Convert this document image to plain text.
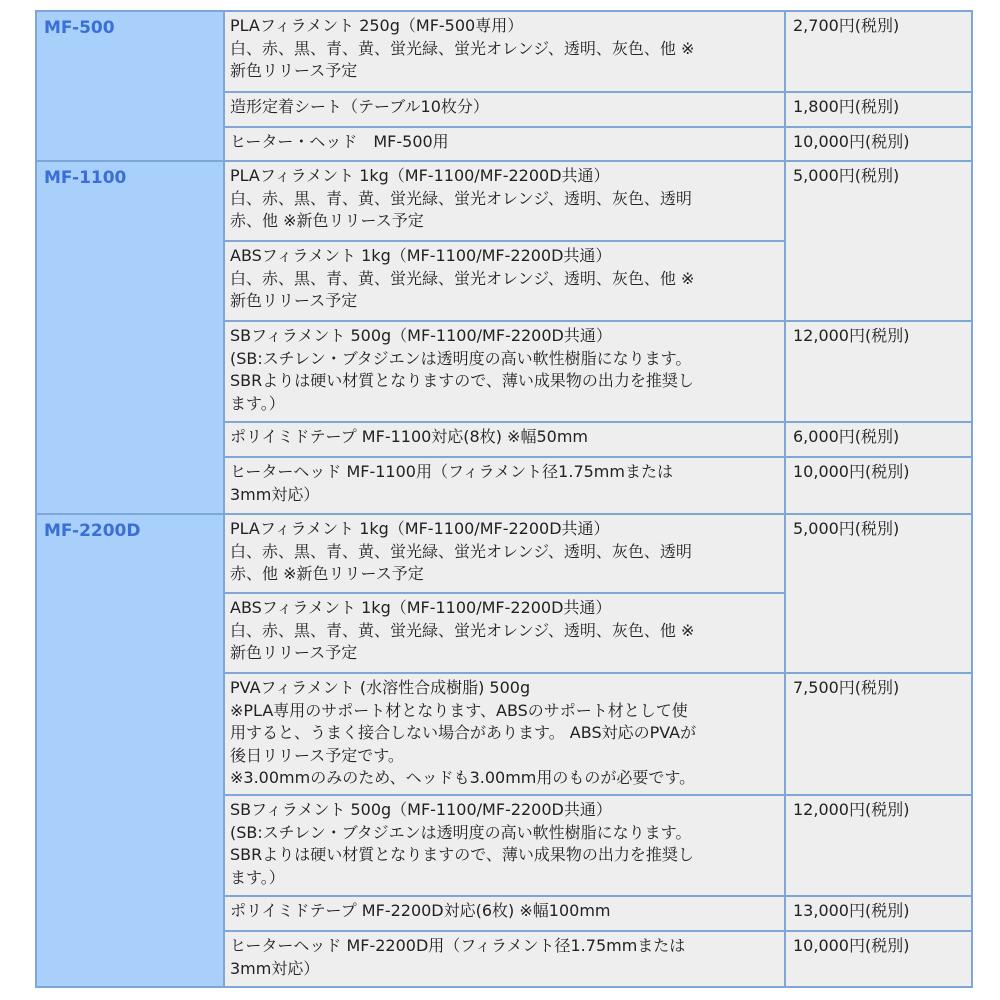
MF-500	PLAフィラメント 250g（MF-500専用）
白、赤、黒、青、黄、蛍光緑、蛍光オレンジ、透明、灰色、他 ※
新色リリース予定	2,700円(税別)

	造形定着シート（テーブル10枚分）	1,800円(税別)

	ヒーター・ヘッド　MF-500用	10,000円(税別)
MF-1100	PLAフィラメント 1kg（MF-1100/MF-2200D共通）
白、赤、黒、青、黄、蛍光緑、蛍光オレンジ、透明、灰色、透明
赤、他 ※新色リリース予定	5,000円(税別)

	ABSフィラメント 1kg（MF-1100/MF-2200D共通）
白、赤、黒、青、黄、蛍光緑、蛍光オレンジ、透明、灰色、他 ※
新色リリース予定	

	SBフィラメント 500g（MF-1100/MF-2200D共通）
(SB:スチレン・ブタジエンは透明度の高い軟性樹脂になります。
SBRよりは硬い材質となりますので、薄い成果物の出力を推奨し
ます。）	12,000円(税別)

	ポリイミドテープ MF-1100対応(8枚) ※幅50mm	6,000円(税別)

	ヒーターヘッド MF-1100用（フィラメント径1.75mmまたは
3mm対応）	10,000円(税別)
MF-2200D	PLAフィラメント 1kg（MF-1100/MF-2200D共通）
白、赤、黒、青、黄、蛍光緑、蛍光オレンジ、透明、灰色、透明
赤、他 ※新色リリース予定	5,000円(税別)

	ABSフィラメント 1kg（MF-1100/MF-2200D共通）
白、赤、黒、青、黄、蛍光緑、蛍光オレンジ、透明、灰色、他 ※
新色リリース予定	

	PVAフィラメント (水溶性合成樹脂) 500g
※PLA専用のサポート材となります、ABSのサポート材として使
用すると、うまく接合しない場合があります。 ABS対応のPVAが
後日リリース予定です。
※3.00mmのみのため、ヘッドも3.00mm用のものが必要です。	7,500円(税別)

	SBフィラメント 500g（MF-1100/MF-2200D共通）
(SB:スチレン・ブタジエンは透明度の高い軟性樹脂になります。
SBRよりは硬い材質となりますので、薄い成果物の出力を推奨し
ます。）	12,000円(税別)

	ポリイミドテープ MF-2200D対応(6枚) ※幅100mm	13,000円(税別)

	ヒーターヘッド MF-2200D用（フィラメント径1.75mmまたは
3mm対応）	10,000円(税別)
